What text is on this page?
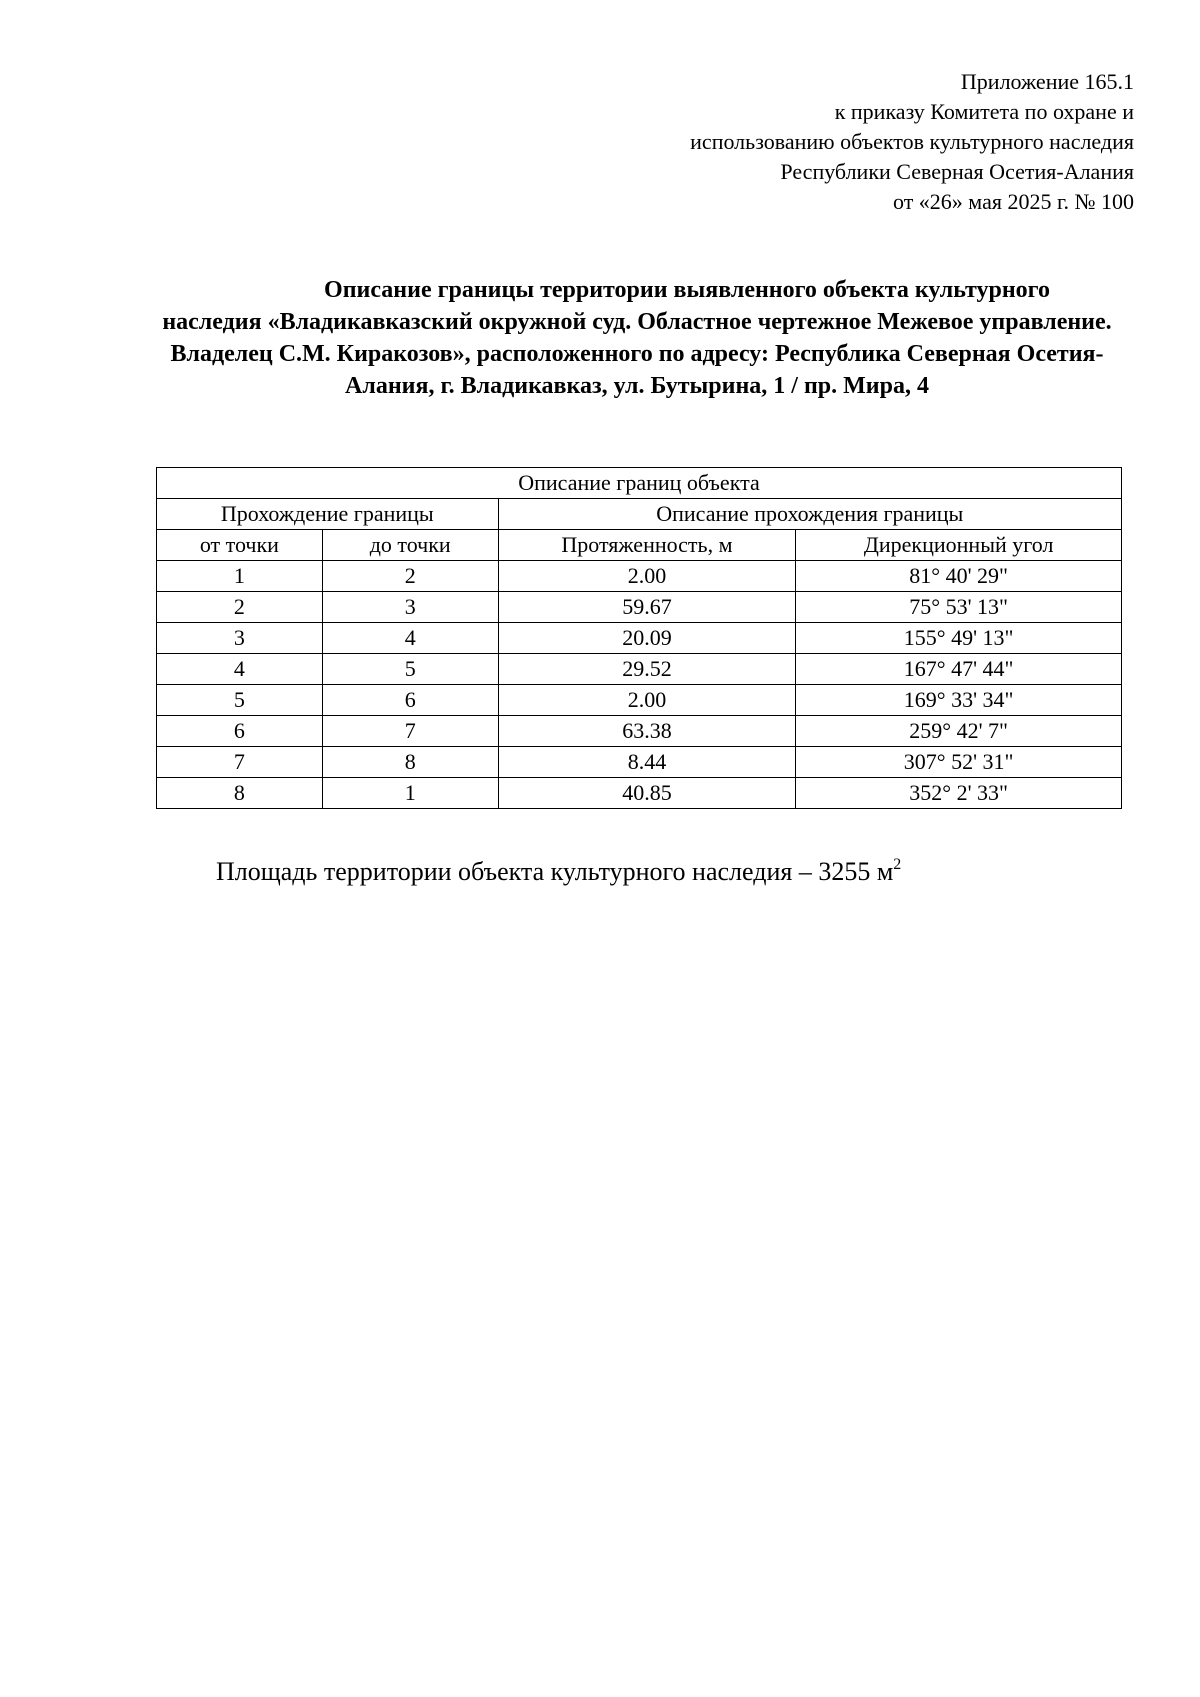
Приложение 165.1
к приказу Комитета по охране и
использованию объектов культурного наследия
Республики Северная Осетия-Алания
от «26» мая 2025 г. № 100
Описание границы территории выявленного объекта культурного
наследия «Владикавказский окружной суд. Областное чертежное Межевое управление. Владелец С.М. Киракозов», расположенного по адресу: Республика Северная Осетия-Алания, г. Владикавказ, ул. Бутырина, 1 / пр. Мира, 4
Описание границ объекта			
Прохождение границы		Описание прохождения границы	
от точки	до точки	Протяженность, м	Дирекционный угол
1	2	2.00	81° 40' 29"
2	3	59.67	75° 53' 13"
3	4	20.09	155° 49' 13"
4	5	29.52	167° 47' 44"
5	6	2.00	169° 33' 34"
6	7	63.38	259° 42' 7"
7	8	8.44	307° 52' 31"
8	1	40.85	352° 2' 33"
Площадь территории объекта культурного наследия – 3255 $м^2$
